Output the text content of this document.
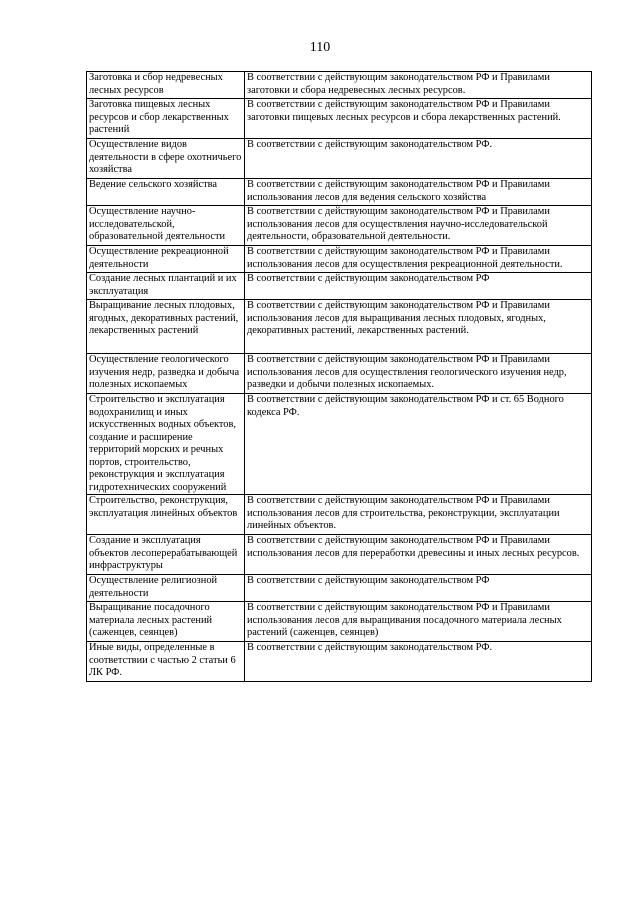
110
Заготовка и сбор недревесных лесных ресурсов	В соответствии с действующим законодательством РФ и Правилами заготовки и сбора недревесных лесных ресурсов.
Заготовка пищевых лесных ресурсов и сбор лекарственных растений	В соответствии с действующим законодательством РФ и Правилами заготовки пищевых лесных ресурсов и сбора лекарственных растений.
Осуществление видов деятельности в сфере охотничьего хозяйства	В соответствии с действующим законодательством РФ.
Ведение сельского хозяйства	В соответствии с действующим законодательством РФ и Правилами использования лесов для ведения сельского хозяйства
Осуществление научно-исследовательской, образовательной деятельности	В соответствии с действующим законодательством РФ и Правилами использования лесов для осуществления научно-исследовательской деятельности, образовательной деятельности.
Осуществление рекреационной деятельности	В соответствии с действующим законодательством РФ и Правилами использования лесов для осуществления рекреационной деятельности.
Создание лесных плантаций и их эксплуатация	В соответствии с действующим законодательством РФ
Выращивание лесных плодовых, ягодных, декоративных растений, лекарственных растений	В соответствии с действующим законодательством РФ и Правилами использования лесов для выращивания лесных плодовых, ягодных, декоративных растений, лекарственных растений.
Осуществление геологического изучения недр, разведка и добыча полезных ископаемых	В соответствии с действующим законодательством РФ и Правилами использования лесов для осуществления геологического изучения недр, разведки и добычи полезных ископаемых.
Строительство и эксплуатация водохранилищ и иных искусственных водных объектов, создание и расширение территорий морских и речных портов, строительство, реконструкция и эксплуатация гидротехнических сооружений	В соответствии с действующим законодательством РФ и ст. 65 Водного кодекса РФ.
Строительство, реконструкция, эксплуатация линейных объектов	В соответствии с действующим законодательством РФ и Правилами использования лесов для строительства, реконструкции, эксплуатации линейных объектов.
Создание и эксплуатация объектов лесоперерабатывающей инфраструктуры	В соответствии с действующим законодательством РФ и Правилами использования лесов для переработки древесины и иных лесных ресурсов.
Осуществление религиозной деятельности	В соответствии с действующим законодательством РФ
Выращивание посадочного материала лесных растений (саженцев, сеянцев)	В соответствии с действующим законодательством РФ и Правилами использования лесов для выращивания посадочного материала лесных растений (саженцев, сеянцев)
Иные виды, определенные в соответствии с частью 2 статьи 6 ЛК РФ.	В соответствии с действующим законодательством РФ.
